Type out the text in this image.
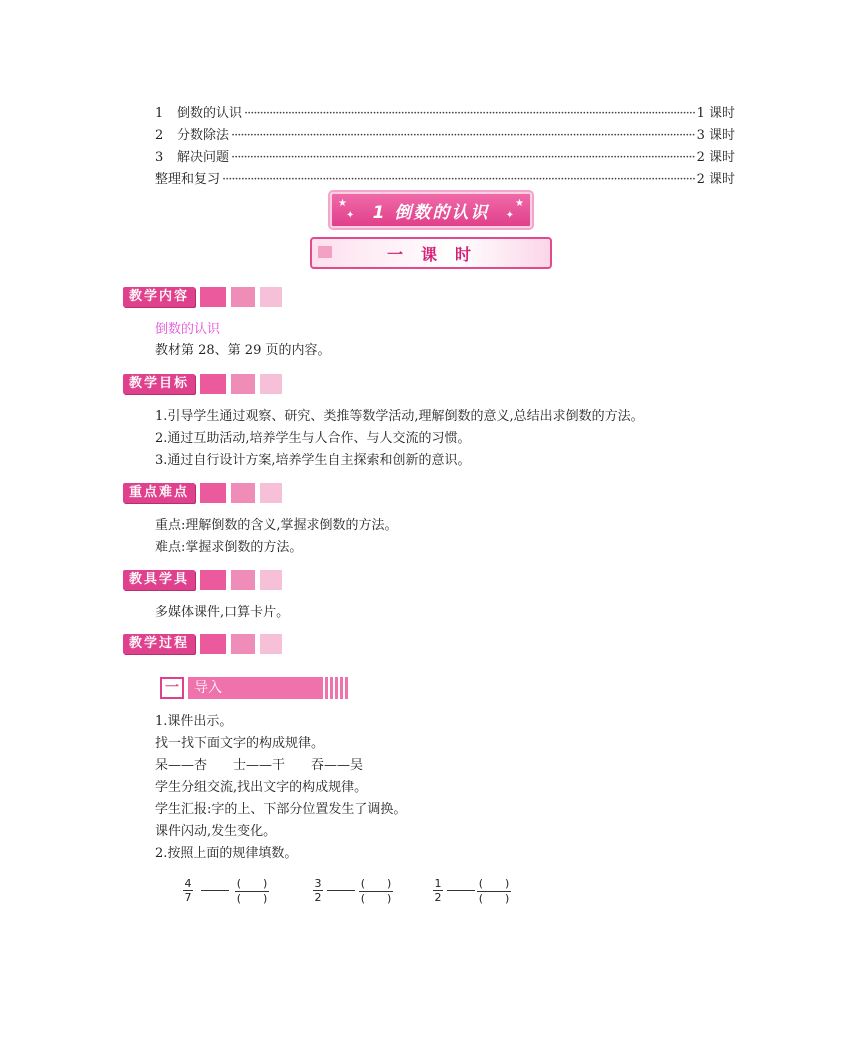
1	倒数的认识 ·····	1 课时
2	分数除法 ·····	3 课时
3	解决问题 ·····	2 课时
整理和复习 ·····	2 课时
★
✦
★
✦
1 倒数的认识
一课时
教学内容
倒数的认识
教材第 28、第 29 页的内容。
教学目标
1.引导学生通过观察、研究、类推等数学活动,理解倒数的意义,总结出求倒数的方法。
2.通过互助活动,培养学生与人合作、与人交流的习惯。
3.通过自行设计方案,培养学生自主探索和创新的意识。
重点难点
重点:理解倒数的含义,掌握求倒数的方法。
难点:掌握求倒数的方法。
教具学具
多媒体课件,口算卡片。
教学过程
一	导入
1.课件出示。
找一找下面文字的构成规律。
呆——杏　　士——干　　吞——吴
学生分组交流,找出文字的构成规律。
学生汇报:字的上、下部分位置发生了调换。
课件闪动,发生变化。
2.按照上面的规律填数。
$\frac{4}{7}$	(　　)
(　　)	$\frac{3}{2}$	(　　)
(　　)	$\frac{1}{2}$	(　　)
(　　)
